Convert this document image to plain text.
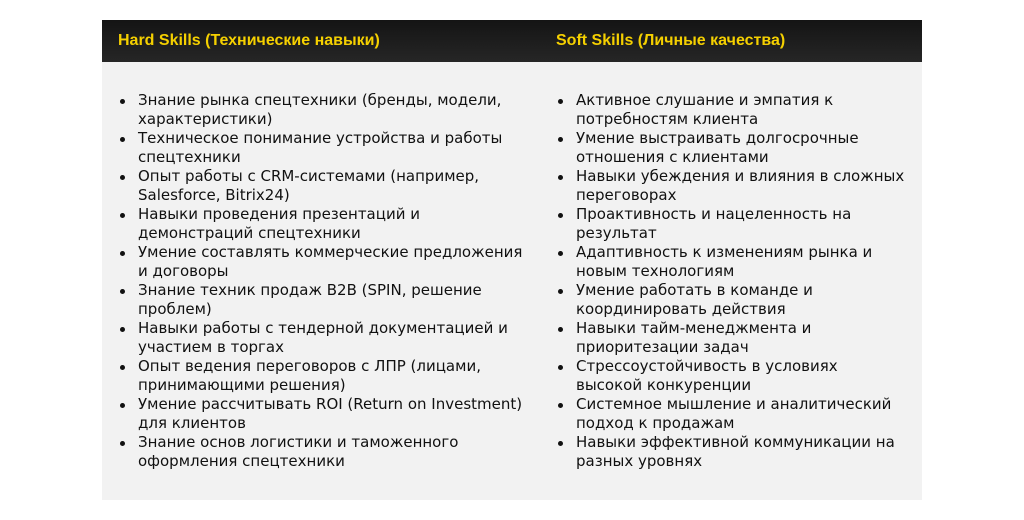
Hard Skills (Технические навыки)	Soft Skills (Личные качества)
Знание рынка спецтехники (бренды, модели, характеристики)
Техническое понимание устройства и работы спецтехники
Опыт работы с CRM-системами (например, Salesforce, Bitrix24)
Навыки проведения презентаций и демонстраций спецтехники
Умение составлять коммерческие предложения и договоры
Знание техник продаж B2B (SPIN, решение проблем)
Навыки работы с тендерной документацией и участием в торгах
Опыт ведения переговоров с ЛПР (лицами, принимающими решения)
Умение рассчитывать ROI (Return on Investment) для клиентов
Знание основ логистики и таможенного оформления спецтехники
Активное слушание и эмпатия к потребностям клиента
Умение выстраивать долгосрочные отношения с клиентами
Навыки убеждения и влияния в сложных переговорах
Проактивность и нацеленность на результат
Адаптивность к изменениям рынка и новым технологиям
Умение работать в команде и координировать действия
Навыки тайм-менеджмента и приоритезации задач
Стрессоустойчивость в условиях высокой конкуренции
Системное мышление и аналитический подход к продажам
Навыки эффективной коммуникации на разных уровнях
